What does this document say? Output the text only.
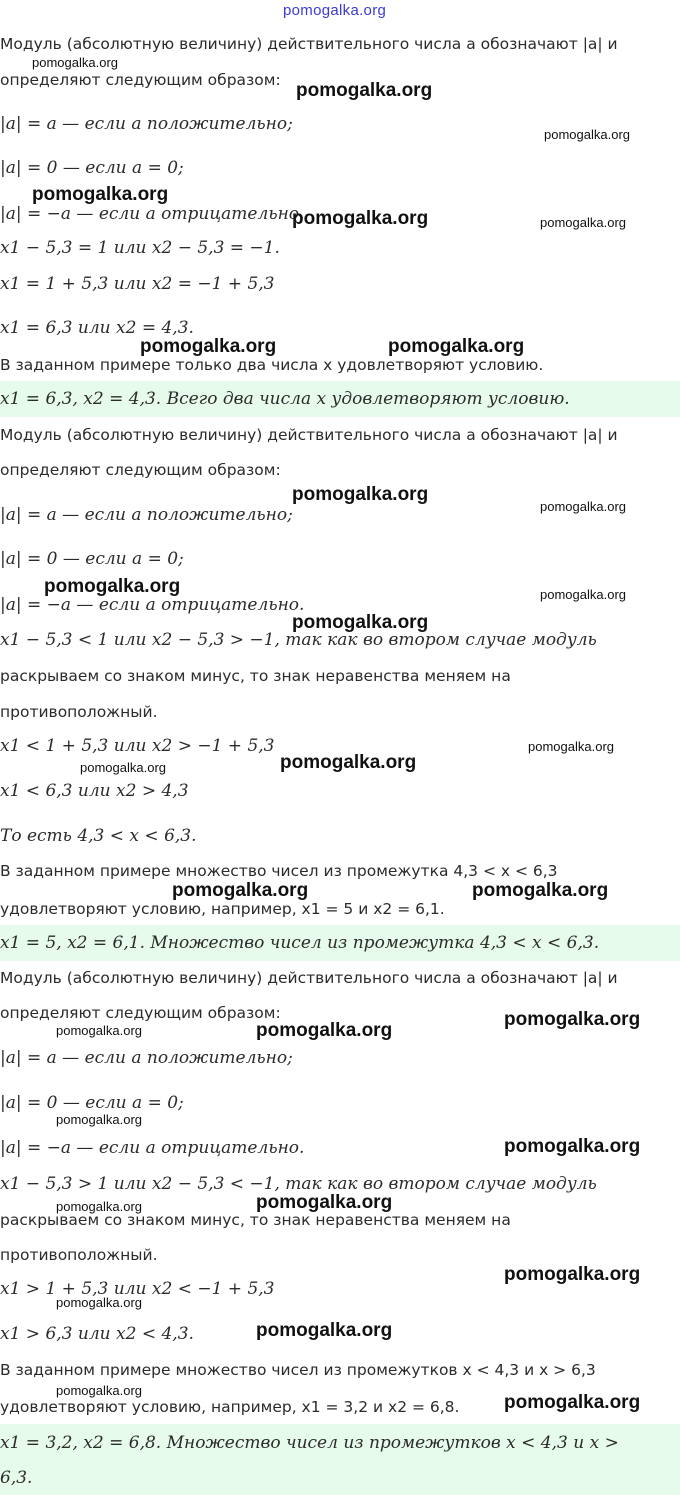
pomogalka.org
Модуль (абсолютную величину) действительного числа a обозначают |a| и
определяют следующим образом:
|a| = a — если a положительно;
|a| = 0 — если a = 0;
|a| = −a — если a отрицательно.
x1 − 5,3 = 1 или x2 − 5,3 = −1.
x1 = 1 + 5,3 или x2 = −1 + 5,3
x1 = 6,3 или x2 = 4,3.
В заданном примере только два числа x удовлетворяют условию.
x1 = 6,3, x2 = 4,3. Всего два числа x удовлетворяют условию.
Модуль (абсолютную величину) действительного числа a обозначают |a| и
определяют следующим образом:
|a| = a — если a положительно;
|a| = 0 — если a = 0;
|a| = −a — если a отрицательно.
x1 − 5,3 < 1 или x2 − 5,3 > −1, так как во втором случае модуль
раскрываем со знаком минус, то знак неравенства меняем на
противоположный.
x1 < 1 + 5,3 или x2 > −1 + 5,3
x1 < 6,3 или x2 > 4,3
То есть 4,3 < x < 6,3.
В заданном примере множество чисел из промежутка 4,3 < x < 6,3
удовлетворяют условию, например, x1 = 5 и x2 = 6,1.
x1 = 5, x2 = 6,1. Множество чисел из промежутка 4,3 < x < 6,3.
Модуль (абсолютную величину) действительного числа a обозначают |a| и
определяют следующим образом:
|a| = a — если a положительно;
|a| = 0 — если a = 0;
|a| = −a — если a отрицательно.
x1 − 5,3 > 1 или x2 − 5,3 < −1, так как во втором случае модуль
раскрываем со знаком минус, то знак неравенства меняем на
противоположный.
x1 > 1 + 5,3 или x2 < −1 + 5,3
x1 > 6,3 или x2 < 4,3.
В заданном примере множество чисел из промежутков x < 4,3 и x > 6,3
удовлетворяют условию, например, x1 = 3,2 и x2 = 6,8.
x1 = 3,2, x2 = 6,8. Множество чисел из промежутков x < 4,3 и x >
6,3.
pomogalka.org
pomogalka.org
pomogalka.org
pomogalka.org
pomogalka.org	pomogalka.org
pomogalka.org	pomogalka.org
pomogalka.org
pomogalka.org
pomogalka.org	pomogalka.org
pomogalka.org
pomogalka.org
pomogalka.org
pomogalka.org
pomogalka.org	pomogalka.org
pomogalka.org
pomogalka.org	pomogalka.org
pomogalka.org
pomogalka.org
pomogalka.org	pomogalka.org
pomogalka.org
pomogalka.org
pomogalka.org
pomogalka.org
pomogalka.org
